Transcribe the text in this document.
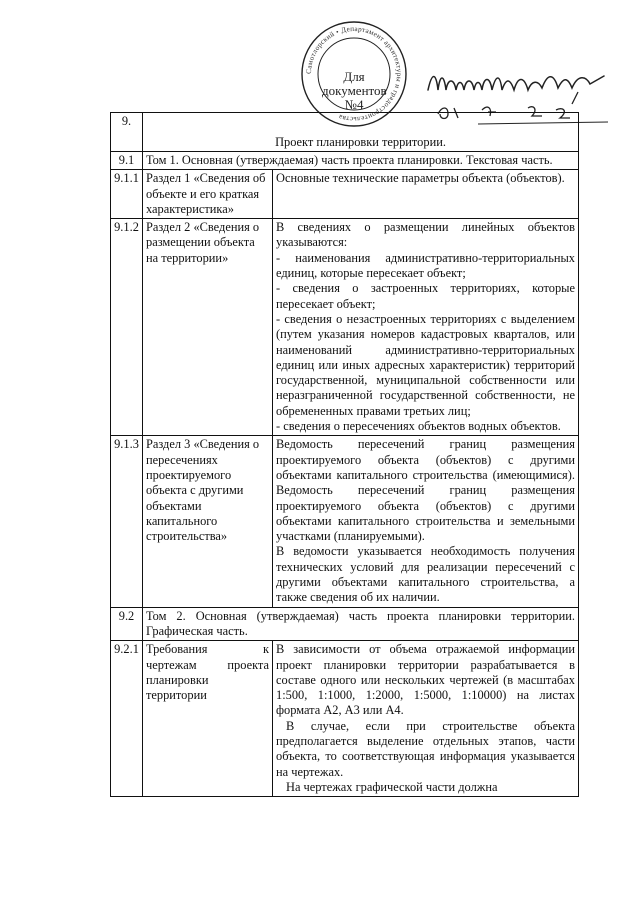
Самотлорский • Департамент архитектуры и градостроительства
Для
документов
№4
9.	Проект планировки территории.	
9.1	Том 1. Основная (утверждаемая) часть проекта планировки. Текстовая часть.	
9.1.1	Раздел 1 «Сведения об объекте и его краткая характеристика»	Основные технические параметры объекта (объектов).
9.1.2	Раздел 2 «Сведения о размещении объекта на территории»	В сведениях о размещении линейных объектов указываются:
- наименования административно-территориальных единиц, которые пересекает объект;
- сведения о застроенных территориях, которые пересекает объект;
- сведения о незастроенных территориях с выделением (путем указания номеров кадастровых кварталов, или наименований административно-территориальных единиц или иных адресных характеристик) территорий государственной, муниципальной собственности или неразграниченной государственной собственности, не обремененных правами третьих лиц;
- сведения о пересечениях объектов водных объектов.

9.1.3	Раздел 3 «Сведения о пересечениях проектируемого объекта с другими объектами капитального строительства»	Ведомость пересечений границ размещения проектируемого объекта (объектов) с другими объектами капитального строительства (имеющимися). Ведомость пересечений границ размещения проектируемого объекта (объектов) с другими объектами капитального строительства и земельными участками (планируемыми).
В ведомости указывается необходимость получения технических условий для реализации пересечений с другими объектами капитального строительства, а также сведения об их наличии.

9.2	Том 2. Основная (утверждаемая) часть проекта планировки территории. Графическая часть.	
9.2.1	Требования к чертежам проекта планировки территории	В зависимости от объема отражаемой информации проект планировки территории разрабатывается в составе одного или нескольких чертежей (в масштабах 1:500, 1:1000, 1:2000, 1:5000, 1:10000) на листах формата А2, А3 или А4.
В случае, если при строительстве объекта предполагается выделение отдельных этапов, части объекта, то соответствующая информация указывается на чертежах.
На чертежах графической части должна
